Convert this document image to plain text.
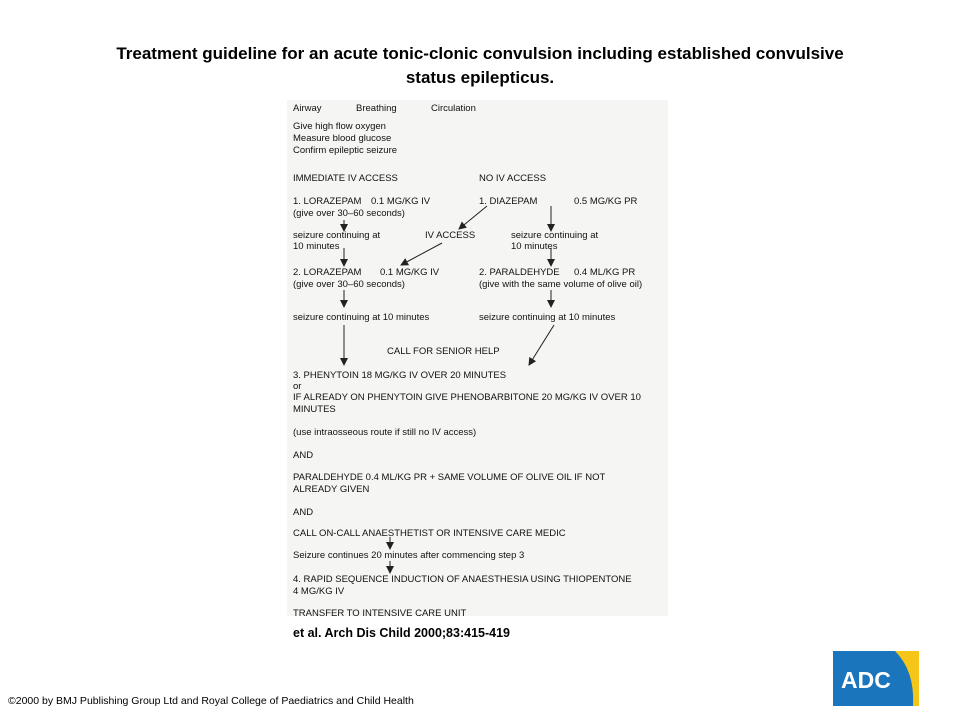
Treatment guideline for an acute tonic-clonic convulsion including established convulsive
status epilepticus.
Airway	Breathing	Circulation
Give high flow oxygen
Measure blood glucose
Confirm epileptic seizure
IMMEDIATE IV ACCESS	NO IV ACCESS
1. LORAZEPAM 0.1 MG/KG IV
(give over 30–60 seconds)
1. DIAZEPAM	0.5 MG/KG PR
seizure continuing at
10 minutes
IV ACCESS	seizure continuing at
10 minutes
2. LORAZEPAM 0.1 MG/KG IV
(give over 30–60 seconds)
2. PARALDEHYDE 0.4 ML/KG PR
(give with the same volume of olive oil)
seizure continuing at 10 minutes	seizure continuing at 10 minutes
CALL FOR SENIOR HELP
3. PHENYTOIN 18 MG/KG IV OVER 20 MINUTES
or
IF ALREADY ON PHENYTOIN GIVE PHENOBARBITONE 20 MG/KG IV OVER 10
MINUTES
(use intraosseous route if still no IV access)
AND
PARALDEHYDE 0.4 ML/KG PR + SAME VOLUME OF OLIVE OIL IF NOT
ALREADY GIVEN
AND
CALL ON-CALL ANAESTHETIST OR INTENSIVE CARE MEDIC
Seizure continues 20 minutes after commencing step 3
4. RAPID SEQUENCE INDUCTION OF ANAESTHESIA USING THIOPENTONE
4 MG/KG IV
TRANSFER TO INTENSIVE CARE UNIT
et al. Arch Dis Child 2000;83:415-419
©2000 by BMJ Publishing Group Ltd and Royal College of Paediatrics and Child Health
ADC
